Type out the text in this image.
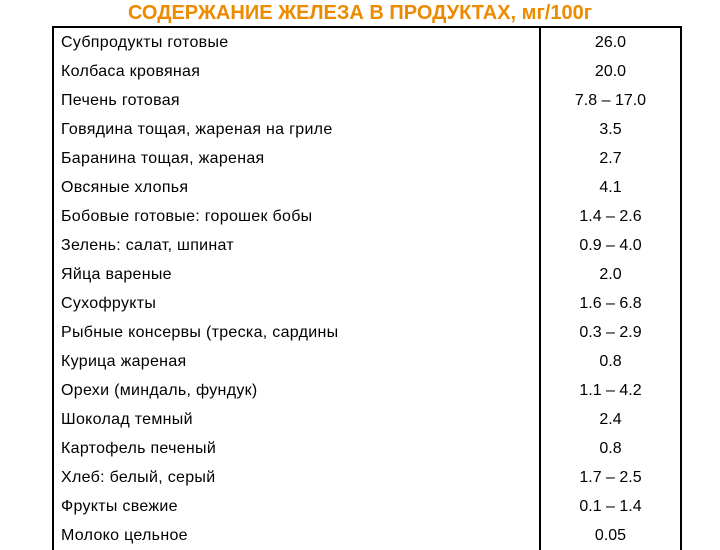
СОДЕРЖАНИЕ ЖЕЛЕЗА В ПРОДУКТАХ, мг/100г
Субпродукты готовые	26.0
Колбаса кровяная	20.0
Печень готовая	7.8 – 17.0
Говядина тощая, жареная на гриле	3.5
Баранина тощая, жареная	2.7
Овсяные хлопья	4.1
Бобовые готовые: горошек бобы	1.4 – 2.6
Зелень: салат, шпинат	0.9 – 4.0
Яйца вареные	2.0
Сухофрукты	1.6 – 6.8
Рыбные консервы (треска, сардины	0.3 – 2.9
Курица жареная	0.8
Орехи (миндаль, фундук)	1.1 – 4.2
Шоколад темный	2.4
Картофель печеный	0.8
Хлеб: белый, серый	1.7 – 2.5
Фрукты свежие	0.1 – 1.4
Молоко цельное	0.05
